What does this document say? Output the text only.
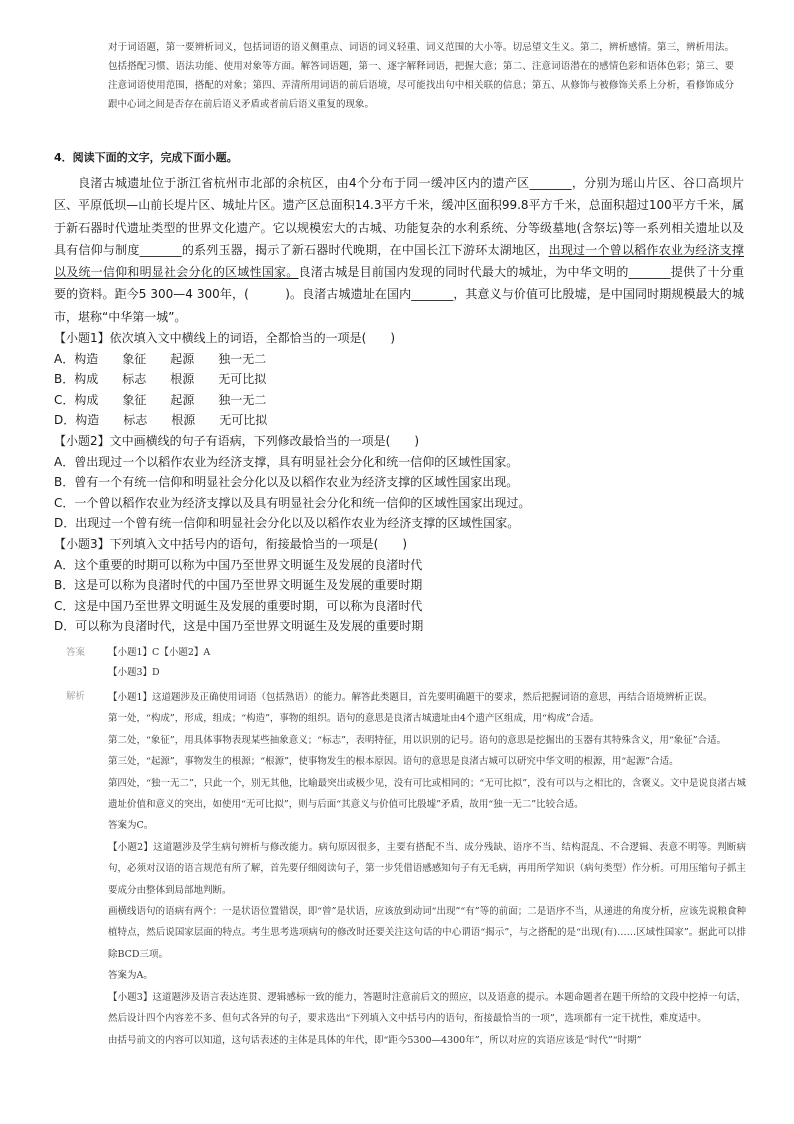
对于词语题，第一要辨析词义，包括词语的语义侧重点、词语的词义轻重、词义范围的大小等。切忌望文生义。第二，辨析感情。第三，辨析用法。包括搭配习惯、语法功能、使用对象等方面。解答词语题，第一、逐字解释词语，把握大意；第二、注意词语潜在的感情色彩和语体色彩；第三、要注意词语使用范围，搭配的对象；第四、弄清所用词语的前后语境，尽可能找出句中相关联的信息；第五、从修饰与被修饰关系上分析，看修饰成分跟中心词之间是否存在前后语义矛盾或者前后语义重复的现象。

4．阅读下面的文字，完成下面小题。

良渚古城遗址位于浙江省杭州市北部的余杭区，由4个分布于同一缓冲区内的遗产区_______，分别为瑶山片区、谷口高坝片区、平原低坝—山前长堤片区、城址片区。遗产区总面积14.3平方千米，缓冲区面积99.8平方千米，总面积超过100平方千米，属于新石器时代遗址类型的世界文化遗产。它以规模宏大的古城、功能复杂的水利系统、分等级墓地(含祭坛)等一系列相关遗址以及具有信仰与制度_______的系列玉器，揭示了新石器时代晚期，在中国长江下游环太湖地区，出现过一个曾以稻作农业为经济支撑以及统一信仰和明显社会分化的区域性国家。良渚古城是目前国内发现的同时代最大的城址，为中华文明的_______提供了十分重要的资料。距今5 300—4 300年，(　　　)。良渚古城遗址在国内_______，其意义与价值可比殷墟，是中国同时期规模最大的城市，堪称“中华第一城”。

【小题1】依次填入文中横线上的词语，全都恰当的一项是(　　)

A．构造　　象征　　起源　　独一无二

B．构成　　标志　　根源　　无可比拟

C．构成　　象征　　起源　　独一无二

D．构造　　标志　　根源　　无可比拟

【小题2】文中画横线的句子有语病，下列修改最恰当的一项是(　　)

A．曾出现过一个以稻作农业为经济支撑，具有明显社会分化和统一信仰的区域性国家。

B．曾有一个有统一信仰和明显社会分化以及以稻作农业为经济支撑的区域性国家出现。

C．一个曾以稻作农业为经济支撑以及具有明显社会分化和统一信仰的区域性国家出现过。

D．出现过一个曾有统一信仰和明显社会分化以及以稻作农业为经济支撑的区域性国家。

【小题3】下列填入文中括号内的语句，衔接最恰当的一项是(　　)

A．这个重要的时期可以称为中国乃至世界文明诞生及发展的良渚时代

B．这是可以称为良渚时代的中国乃至世界文明诞生及发展的重要时期

C．这是中国乃至世界文明诞生及发展的重要时期，可以称为良渚时代

D．可以称为良渚时代，这是中国乃至世界文明诞生及发展的重要时期

答案	【小题1】C【小题2】A

【小题3】D

解析	【小题1】这道题涉及正确使用词语（包括熟语）的能力。解答此类题目，首先要明确题干的要求，然后把握词语的意思，再结合语境辨析正误。

第一处，“构成”，形成，组成；“构造”，事物的组织。语句的意思是良渚古城遗址由4个遗产区组成，用“构成”合适。

第二处，“象征”，用具体事物表现某些抽象意义；“标志”，表明特征，用以识别的记号。语句的意思是挖掘出的玉器有其特殊含义，用“象征”合适。

第三处，“起源”，事物发生的根源；“根源”，使事物发生的根本原因。语句的意思是良渚古城可以研究中华文明的根源，用“起源”合适。

第四处，“独一无二”，只此一个，别无其他，比喻最突出或极少见，没有可比或相同的；“无可比拟”，没有可以与之相比的，含褒义。文中是说良渚古城遗址价值和意义的突出，如使用“无可比拟”，则与后面“其意义与价值可比殷墟”矛盾，故用“独一无二”比较合适。

答案为C。

【小题2】这道题涉及学生病句辨析与修改能力。病句原因很多，主要有搭配不当、成分残缺、语序不当、结构混乱、不合逻辑、表意不明等。判断病句，必须对汉语的语言规范有所了解，首先要仔细阅读句子，第一步凭借语感感知句子有无毛病，再用所学知识（病句类型）作分析。可用压缩句子抓主要成分由整体到局部地判断。

画横线语句的语病有两个：一是状语位置错误，即“曾”是状语，应该放到动词“出现”“有”等的前面；二是语序不当，从递进的角度分析，应该先说粮食种植特点，然后说国家层面的特点。考生思考选项病句的修改时还要关注这句话的中心谓语“揭示”，与之搭配的是“出现(有)……区域性国家”。据此可以排除BCD三项。

答案为A。

【小题3】这道题涉及语言表达连贯、逻辑感标一致的能力，答题时注意前后文的照应，以及语意的提示。本题命题者在题干所给的文段中挖掉一句话，然后设计四个内容差不多、但句式各异的句子，要求选出“下列填入文中括号内的语句，衔接最恰当的一项”，选项都有一定干扰性，难度适中。

由括号前文的内容可以知道，这句话表述的主体是具体的年代，即“距今5300—4300年”，所以对应的宾语应该是“时代”“时期”
